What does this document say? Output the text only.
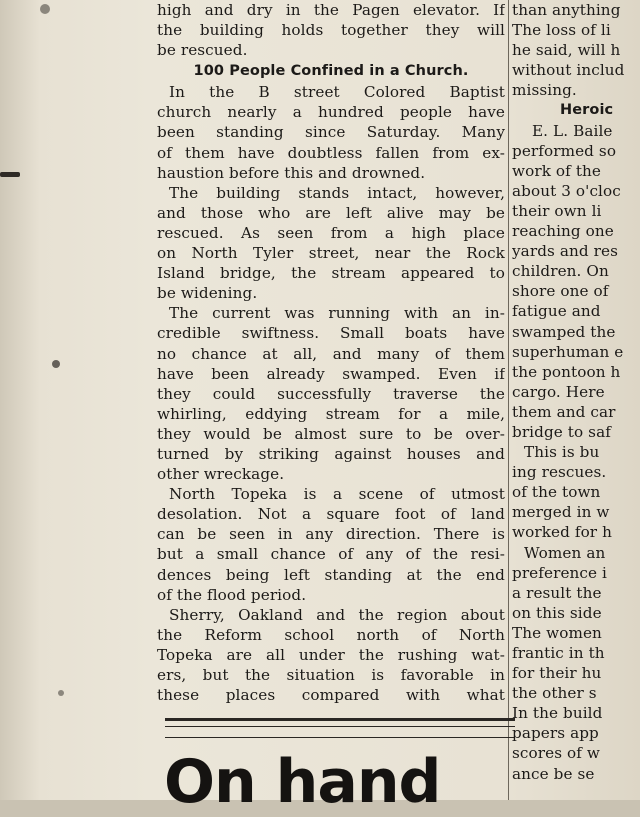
high and dry in the Pagen elevator. If
the building holds together they will
be rescued.
100 People Confined in a Church.
In the B street Colored Baptist
church nearly a hundred people have
been standing since Saturday. Many
of them have doubtless fallen from ex-
haustion before this and drowned.
The building stands intact, however,
and those who are left alive may be
rescued. As seen from a high place
on North Tyler street, near the Rock
Island bridge, the stream appeared to
be widening.
The current was running with an in-
credible swiftness. Small boats have
no chance at all, and many of them
have been already swamped. Even if
they could successfully traverse the
whirling, eddying stream for a mile,
they would be almost sure to be over-
turned by striking against houses and
other wreckage.
North Topeka is a scene of utmost
desolation. Not a square foot of land
can be seen in any direction. There is
but a small chance of any of the resi-
dences being left standing at the end
of the flood period.
Sherry, Oakland and the region about
the Reform school north of North
Topeka are all under the rushing wat-
ers, but the situation is favorable in
these places compared with what
On hand
than anything
The loss of li
he said, will h
without includ
missing.
Heroic
E. L. Baile
performed so
work of the
about 3 o'cloc
their own li
reaching one
yards and res
children. On
shore one of
fatigue and
swamped the
superhuman e
the pontoon h
cargo. Here
them and car
bridge to saf
This is bu
ing rescues.
of the town
merged in w
worked for h
Women an
preference i
a result the
on this side
The women
frantic in th
for their hu
the other s
In the build
papers app
scores of w
ance be se
